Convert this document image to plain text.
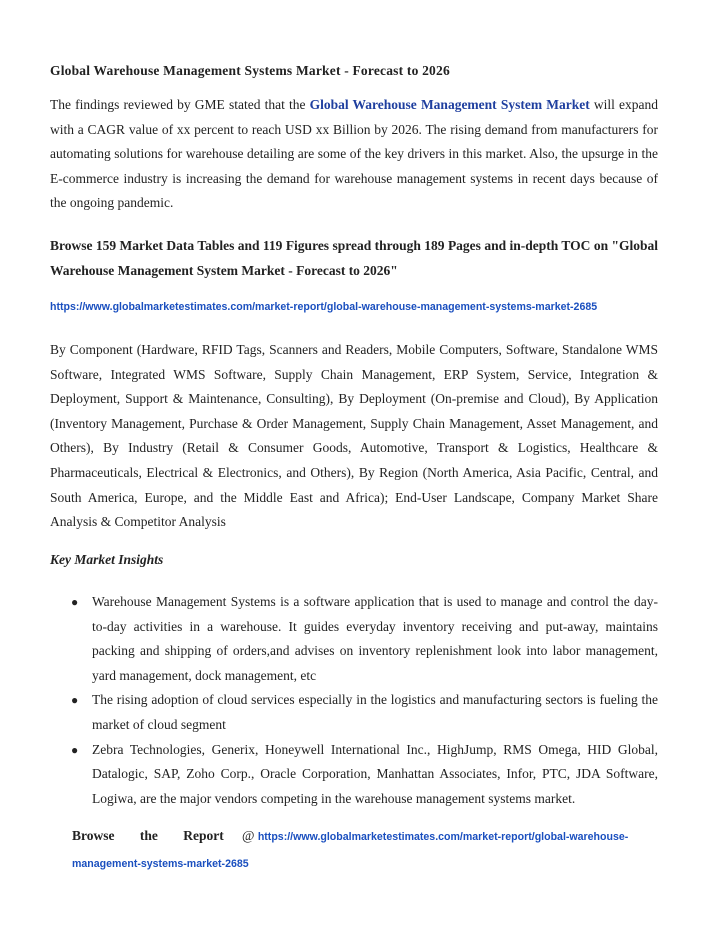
Global Warehouse Management Systems Market - Forecast to 2026
The findings reviewed by GME stated that the Global Warehouse Management System Market will expand with a CAGR value of xx percent to reach USD xx Billion by 2026. The rising demand from manufacturers for automating solutions for warehouse detailing are some of the key drivers in this market. Also, the upsurge in the E-commerce industry is increasing the demand for warehouse management systems in recent days because of the ongoing pandemic.
Browse 159 Market Data Tables and 119 Figures spread through 189 Pages and in-depth TOC on "Global Warehouse Management System Market - Forecast to 2026"
https://www.globalmarketestimates.com/market-report/global-warehouse-management-systems-market-2685
By Component (Hardware, RFID Tags, Scanners and Readers, Mobile Computers, Software, Standalone WMS Software, Integrated WMS Software, Supply Chain Management, ERP System, Service, Integration & Deployment, Support & Maintenance, Consulting), By Deployment (On-premise and Cloud), By Application (Inventory Management, Purchase & Order Management, Supply Chain Management, Asset Management, and Others), By Industry (Retail & Consumer Goods, Automotive, Transport & Logistics, Healthcare & Pharmaceuticals, Electrical & Electronics, and Others), By Region (North America, Asia Pacific, Central, and South America, Europe, and the Middle East and Africa); End-User Landscape, Company Market Share Analysis & Competitor Analysis
Key Market Insights
● Warehouse Management Systems is a software application that is used to manage and control the day-to-day activities in a warehouse. It guides everyday inventory receiving and put-away, maintains packing and shipping of orders,and advises on inventory replenishment look into labor management, yard management, dock management, etc
● The rising adoption of cloud services especially in the logistics and manufacturing sectors is fueling the market of cloud segment
● Zebra Technologies, Generix, Honeywell International Inc., HighJump, RMS Omega, HID Global, Datalogic, SAP, Zoho Corp., Oracle Corporation, Manhattan Associates, Infor, PTC, JDA Software, Logiwa, are the major vendors competing in the warehouse management systems market.
Browse the Report @ https://www.globalmarketestimates.com/market-report/global-warehouse-management-systems-market-2685
